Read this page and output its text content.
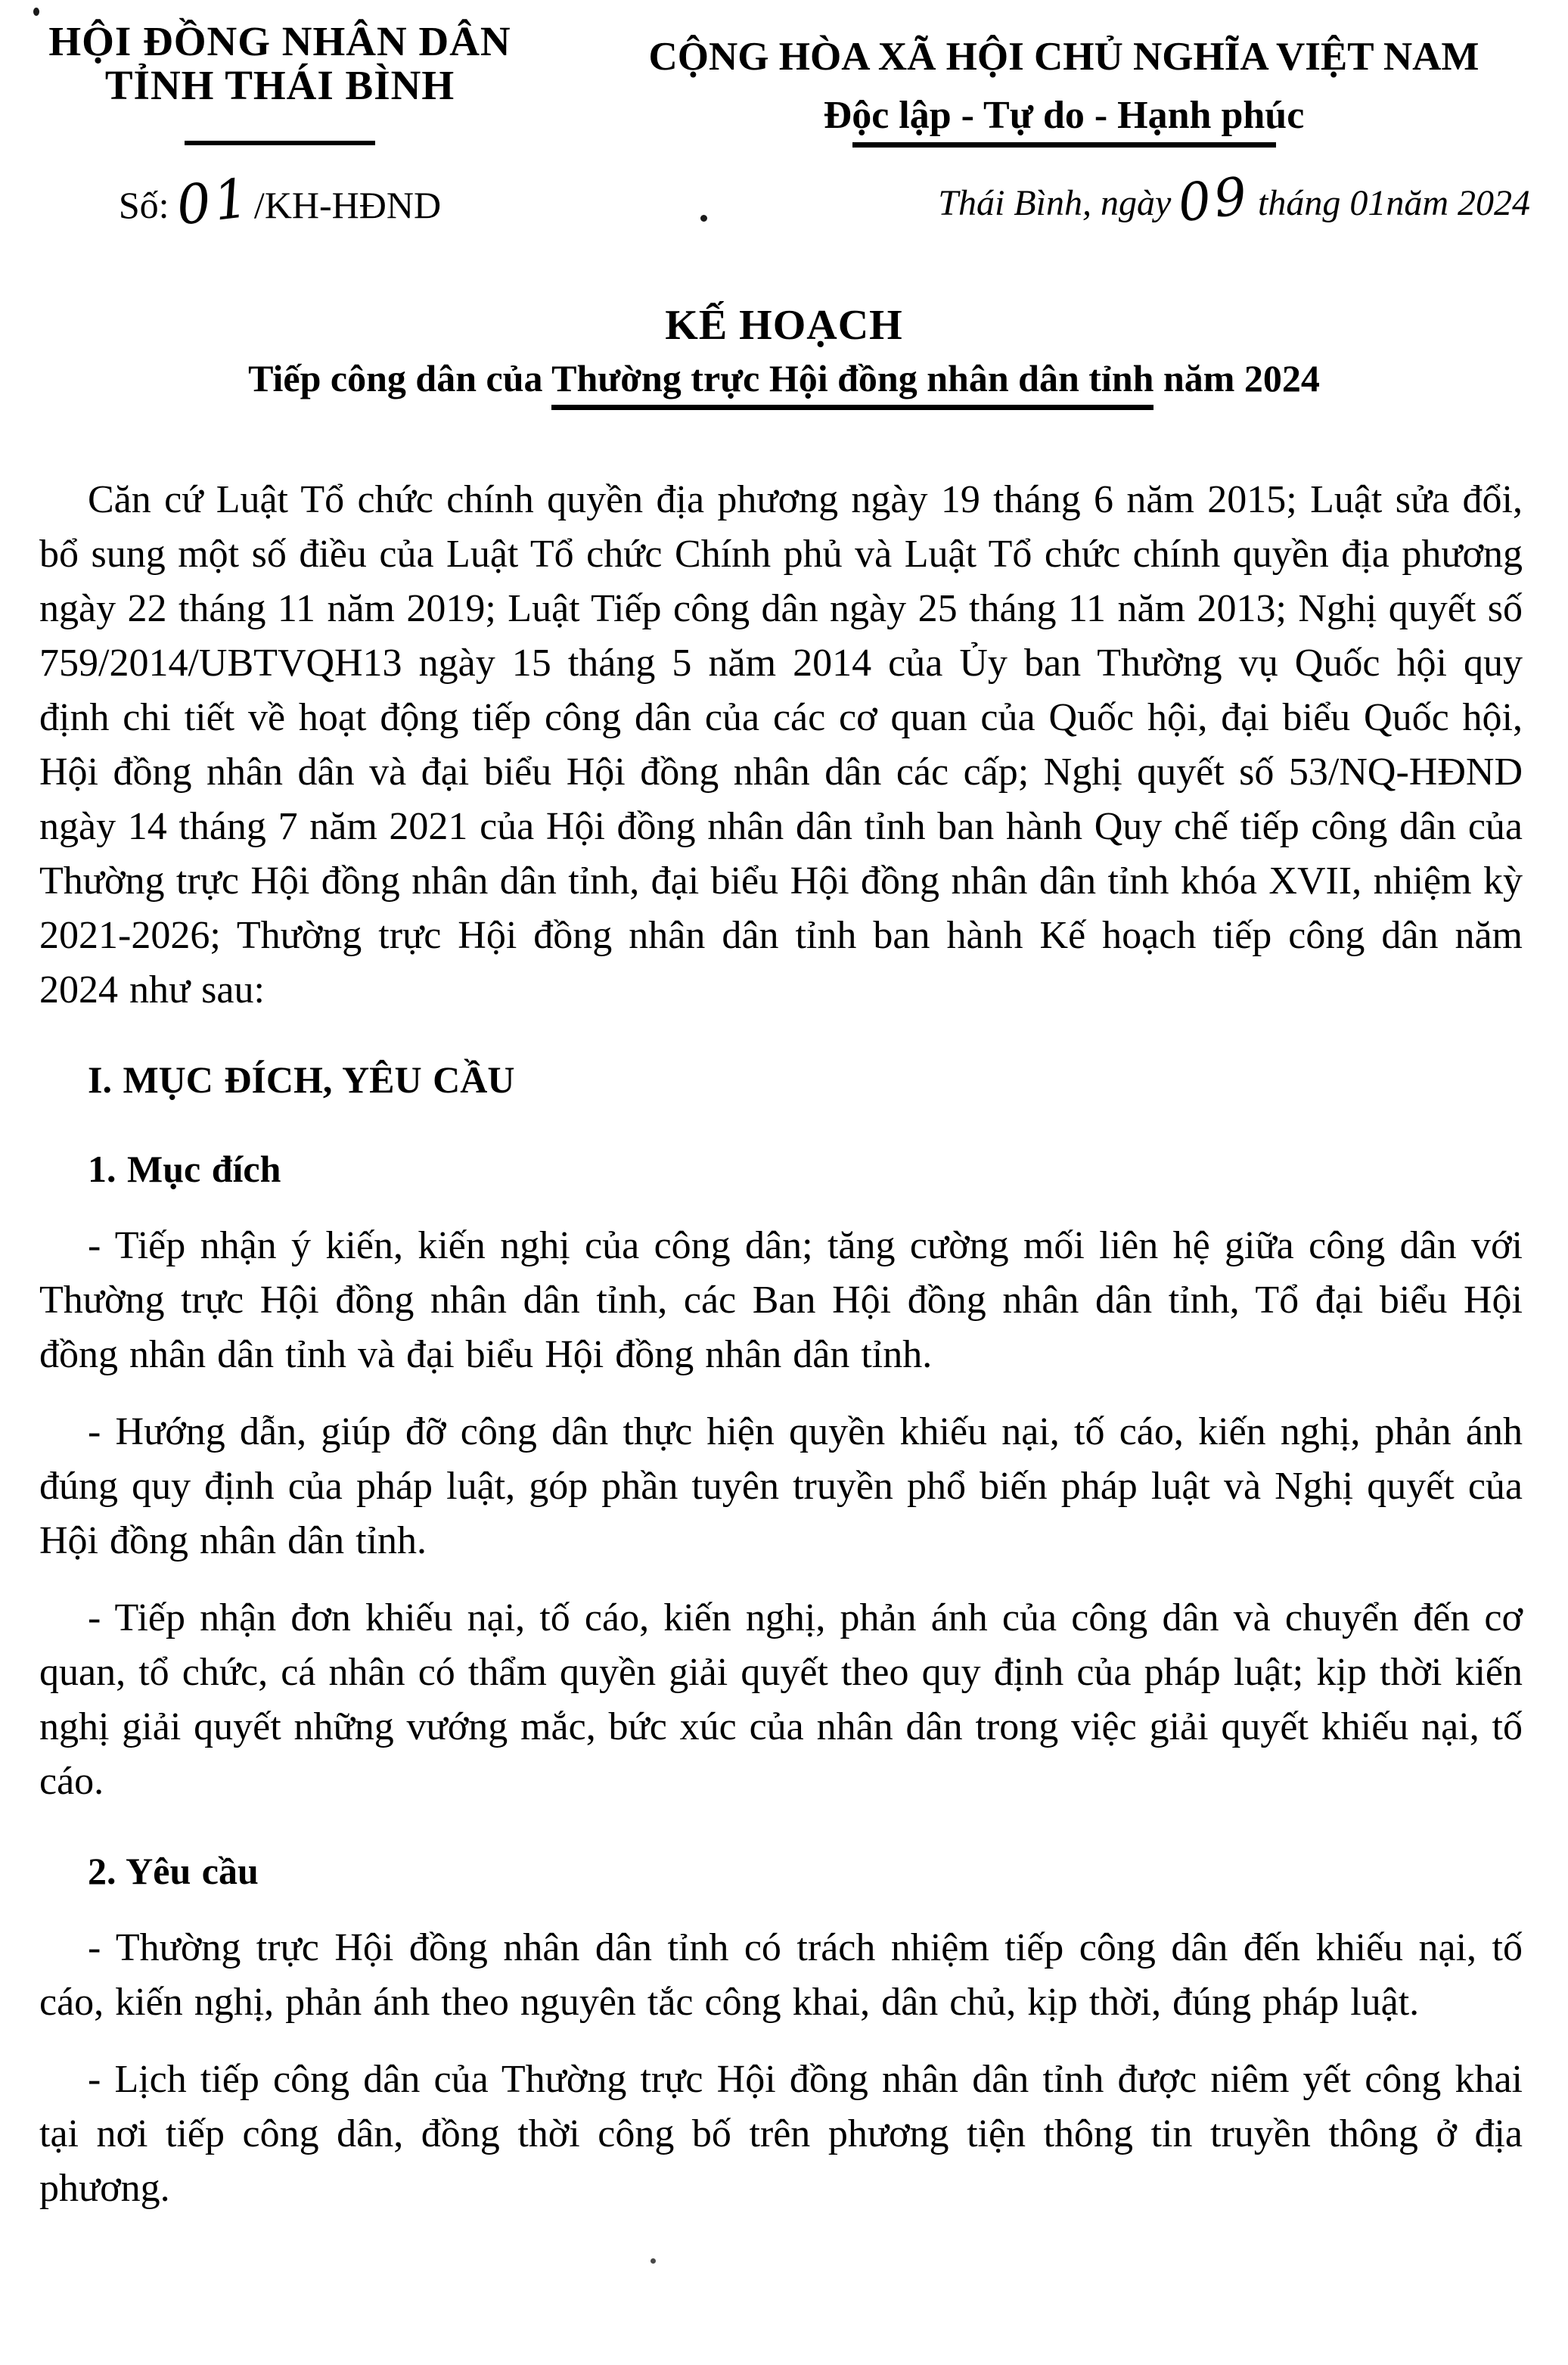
HỘI ĐỒNG NHÂN DÂN
TỈNH THÁI BÌNH
Số:01/KH-HĐND
CỘNG HÒA XÃ HỘI CHỦ NGHĨA VIỆT NAM
Độc lập - Tự do - Hạnh phúc
Thái Bình, ngày09 tháng 01năm 2024
KẾ HOẠCH
Tiếp công dân của Thường trực Hội đồng nhân dân tỉnh năm 2024

Căn cứ Luật Tổ chức chính quyền địa phương ngày 19 tháng 6 năm 2015; Luật sửa đổi, bổ sung một số điều của Luật Tổ chức Chính phủ và Luật Tổ chức chính quyền địa phương ngày 22 tháng 11 năm 2019; Luật Tiếp công dân ngày 25 tháng 11 năm 2013; Nghị quyết số 759/2014/UBTVQH13 ngày 15 tháng 5 năm 2014 của Ủy ban Thường vụ Quốc hội quy định chi tiết về hoạt động tiếp công dân của các cơ quan của Quốc hội, đại biểu Quốc hội, Hội đồng nhân dân và đại biểu Hội đồng nhân dân các cấp; Nghị quyết số 53/NQ-HĐND ngày 14 tháng 7 năm 2021 của Hội đồng nhân dân tỉnh ban hành Quy chế tiếp công dân của Thường trực Hội đồng nhân dân tỉnh, đại biểu Hội đồng nhân dân tỉnh khóa XVII, nhiệm kỳ 2021-2026; Thường trực Hội đồng nhân dân tỉnh ban hành Kế hoạch tiếp công dân năm 2024 như sau:

I. MỤC ĐÍCH, YÊU CẦU

1. Mục đích

- Tiếp nhận ý kiến, kiến nghị của công dân; tăng cường mối liên hệ giữa công dân với Thường trực Hội đồng nhân dân tỉnh, các Ban Hội đồng nhân dân tỉnh, Tổ đại biểu Hội đồng nhân dân tỉnh và đại biểu Hội đồng nhân dân tỉnh.

- Hướng dẫn, giúp đỡ công dân thực hiện quyền khiếu nại, tố cáo, kiến nghị, phản ánh đúng quy định của pháp luật, góp phần tuyên truyền phổ biến pháp luật và Nghị quyết của Hội đồng nhân dân tỉnh.

- Tiếp nhận đơn khiếu nại, tố cáo, kiến nghị, phản ánh của công dân và chuyển đến cơ quan, tổ chức, cá nhân có thẩm quyền giải quyết theo quy định của pháp luật; kịp thời kiến nghị giải quyết những vướng mắc, bức xúc của nhân dân trong việc giải quyết khiếu nại, tố cáo.

2. Yêu cầu

- Thường trực Hội đồng nhân dân tỉnh có trách nhiệm tiếp công dân đến khiếu nại, tố cáo, kiến nghị, phản ánh theo nguyên tắc công khai, dân chủ, kịp thời, đúng pháp luật.

- Lịch tiếp công dân của Thường trực Hội đồng nhân dân tỉnh được niêm yết công khai tại nơi tiếp công dân, đồng thời công bố trên phương tiện thông tin truyền thông ở địa phương.
